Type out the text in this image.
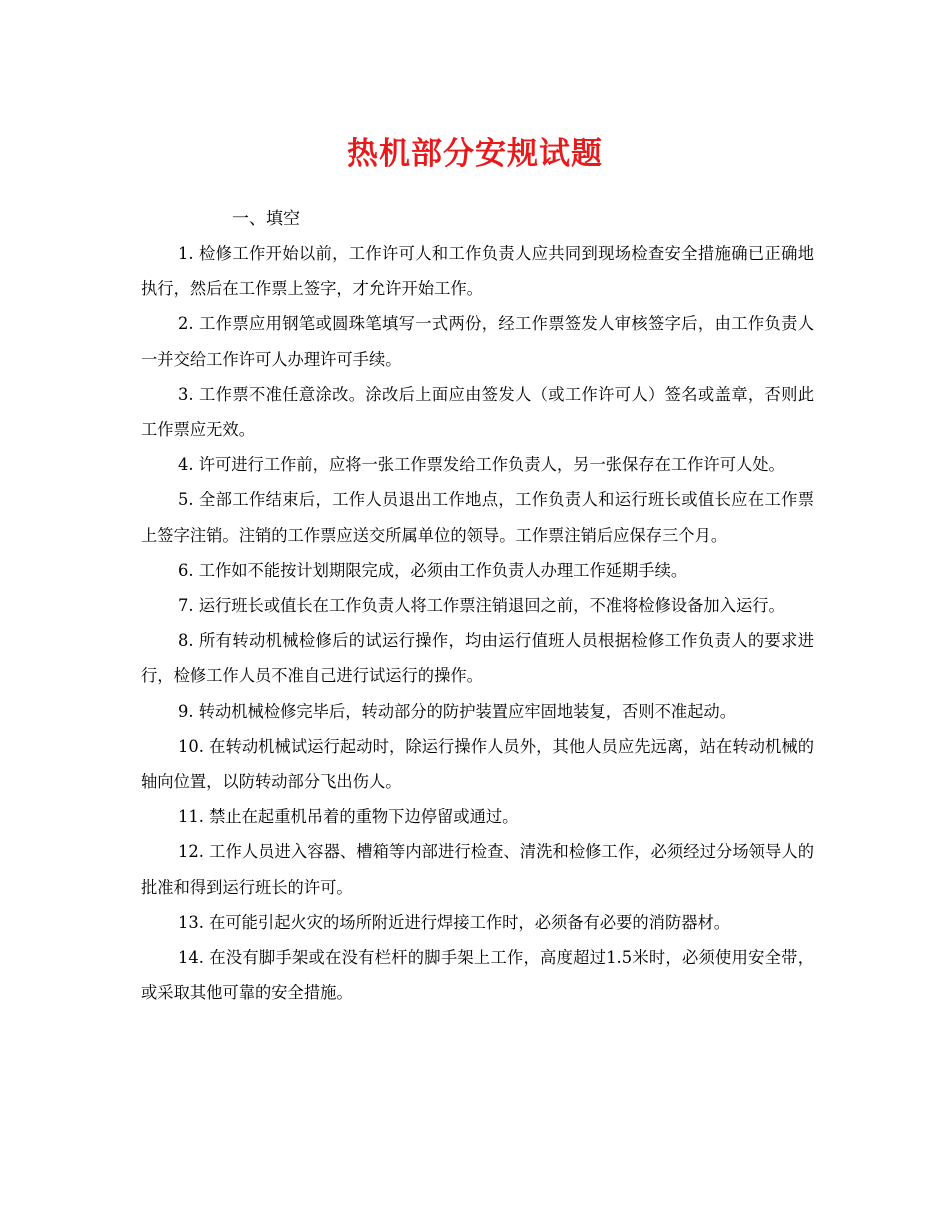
热机部分安规试题
一、填空

1. 检修工作开始以前，工作许可人和工作负责人应共同到现场检查安全措施确已正确地执行，然后在工作票上签字，才允许开始工作。

2. 工作票应用钢笔或圆珠笔填写一式两份，经工作票签发人审核签字后，由工作负责人一并交给工作许可人办理许可手续。

3. 工作票不准任意涂改。涂改后上面应由签发人（或工作许可人）签名或盖章，否则此工作票应无效。

4. 许可进行工作前，应将一张工作票发给工作负责人，另一张保存在工作许可人处。

5. 全部工作结束后，工作人员退出工作地点，工作负责人和运行班长或值长应在工作票上签字注销。注销的工作票应送交所属单位的领导。工作票注销后应保存三个月。

6. 工作如不能按计划期限完成，必须由工作负责人办理工作延期手续。

7. 运行班长或值长在工作负责人将工作票注销退回之前，不准将检修设备加入运行。

8. 所有转动机械检修后的试运行操作，均由运行值班人员根据检修工作负责人的要求进行，检修工作人员不准自己进行试运行的操作。

9. 转动机械检修完毕后，转动部分的防护装置应牢固地装复，否则不准起动。

10. 在转动机械试运行起动时，除运行操作人员外，其他人员应先远离，站在转动机械的轴向位置，以防转动部分飞出伤人。

11. 禁止在起重机吊着的重物下边停留或通过。

12. 工作人员进入容器、槽箱等内部进行检查、清洗和检修工作，必须经过分场领导人的批准和得到运行班长的许可。

13. 在可能引起火灾的场所附近进行焊接工作时，必须备有必要的消防器材。

14. 在没有脚手架或在没有栏杆的脚手架上工作，高度超过1.5米时，必须使用安全带，或采取其他可靠的安全措施。
